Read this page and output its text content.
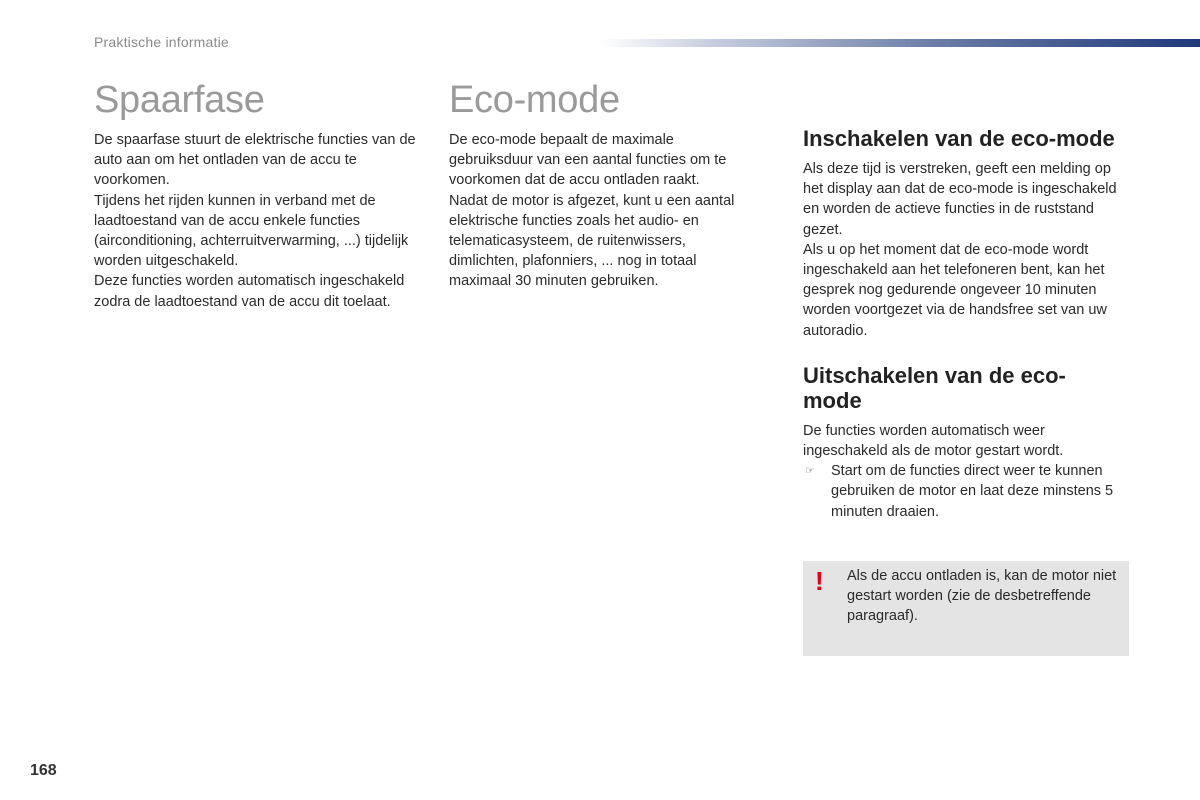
Praktische informatie
Spaarfase

De spaarfase stuurt de elektrische functies van de auto aan om het ontladen van de accu te voorkomen.

Tijdens het rijden kunnen in verband met de laadtoestand van de accu enkele functies (airconditioning, achterruitverwarming, ...) tijdelijk worden uitgeschakeld.

Deze functies worden automatisch ingeschakeld zodra de laadtoestand van de accu dit toelaat.

Eco-mode

De eco-mode bepaalt de maximale gebruiksduur van een aantal functies om te voorkomen dat de accu ontladen raakt.

Nadat de motor is afgezet, kunt u een aantal elektrische functies zoals het audio- en telematicasysteem, de ruitenwissers, dimlichten, plafonniers, ... nog in totaal maximaal 30 minuten gebruiken.

Inschakelen van de eco-mode

Als deze tijd is verstreken, geeft een melding op het display aan dat de eco-mode is ingeschakeld en worden de actieve functies in de ruststand gezet.

Als u op het moment dat de eco-mode wordt ingeschakeld aan het telefoneren bent, kan het gesprek nog gedurende ongeveer 10 minuten worden voortgezet via de handsfree set van uw autoradio.

Uitschakelen van de eco-mode

De functies worden automatisch weer ingeschakeld als de motor gestart wordt.

☞	Start om de functies direct weer te kunnen gebruiken de motor en laat deze minstens 5 minuten draaien.
! Als de accu ontladen is, kan de motor niet gestart worden (zie de desbetreffende paragraaf).
168
